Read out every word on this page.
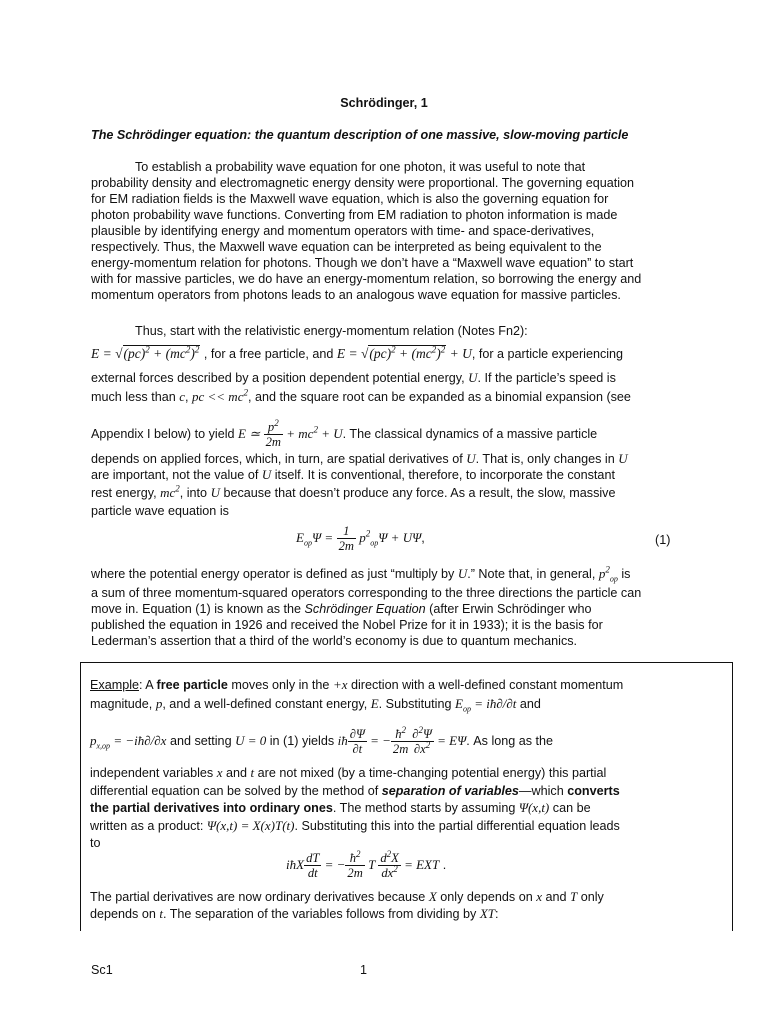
Schrödinger, 1
The Schrödinger equation: the quantum description of one massive, slow-moving particle
To establish a probability wave equation for one photon, it was useful to note that
probability density and electromagnetic energy density were proportional. The governing equation
for EM radiation fields is the Maxwell wave equation, which is also the governing equation for
photon probability wave functions. Converting from EM radiation to photon information is made
plausible by identifying energy and momentum operators with time- and space-derivatives,
respectively. Thus, the Maxwell wave equation can be interpreted as being equivalent to the
energy-momentum relation for photons. Though we don’t have a “Maxwell wave equation” to start
with for massive particles, we do have an energy-momentum relation, so borrowing the energy and
momentum operators from photons leads to an analogous wave equation for massive particles.
Thus, start with the relativistic energy-momentum relation (Notes Fn2):
$E = √(pc)^2 + (mc^2)^2$ , for a free particle, and $E = √(pc)^2 + (mc^2)^2 + U$, for a particle experiencing
external forces described by a position dependent potential energy, U. If the particle’s speed is
much less than c, pc << $mc^2$, and the square root can be expanded as a binomial expansion (see
Appendix I below) to yield E ≃ $\frac{p^2}{2m} + mc^2 + U$. The classical dynamics of a massive particle
depends on applied forces, which, in turn, are spatial derivatives of U. That is, only changes in U
are important, not the value of U itself. It is conventional, therefore, to incorporate the constant
rest energy, $mc^2$, into U because that doesn’t produce any force. As a result, the slow, massive
particle wave equation is
$E_{op}\Psi = \frac{1}{2m} p^2_{op}\Psi + U\Psi$,	(1)
where the potential energy operator is defined as just “multiply by U.” Note that, in general, $p^2_{op}$ is
a sum of three momentum-squared operators corresponding to the three directions the particle can
move in. Equation (1) is known as the Schrödinger Equation (after Erwin Schrödinger who
published the equation in 1926 and received the Nobel Prize for it in 1933); it is the basis for
Lederman’s assertion that a third of the world’s economy is due to quantum mechanics.
Example: A free particle moves only in the +x direction with a well-defined constant momentum
magnitude, p, and a well-defined constant energy, E. Substituting $E_{op}$ = iħ∂/∂t and
$p_{x,op}$ = −iħ∂/∂x and setting U = 0 in (1) yields iħ $\frac{\partial\Psi}{\partial t}$ = − $\frac{ħ^2}{2m} \frac{\partial^2\Psi}{\partial x^2} = E\Psi$. As long as the
independent variables x and t are not mixed (by a time-changing potential energy) this partial
differential equation can be solved by the method of separation of variables—which converts
the partial derivatives into ordinary ones. The method starts by assuming Ψ(x,t) can be
written as a product: Ψ(x,t) = X(x)T(t). Substituting this into the partial differential equation leads
to
iħX $\frac{dT}{dt}$ = − $\frac{ħ^2}{2m}$ T $\frac{d^2X}{dx^2}$ = EXT .
The partial derivatives are now ordinary derivatives because X only depends on x and T only
depends on t. The separation of the variables follows from dividing by XT:
Sc1	1
